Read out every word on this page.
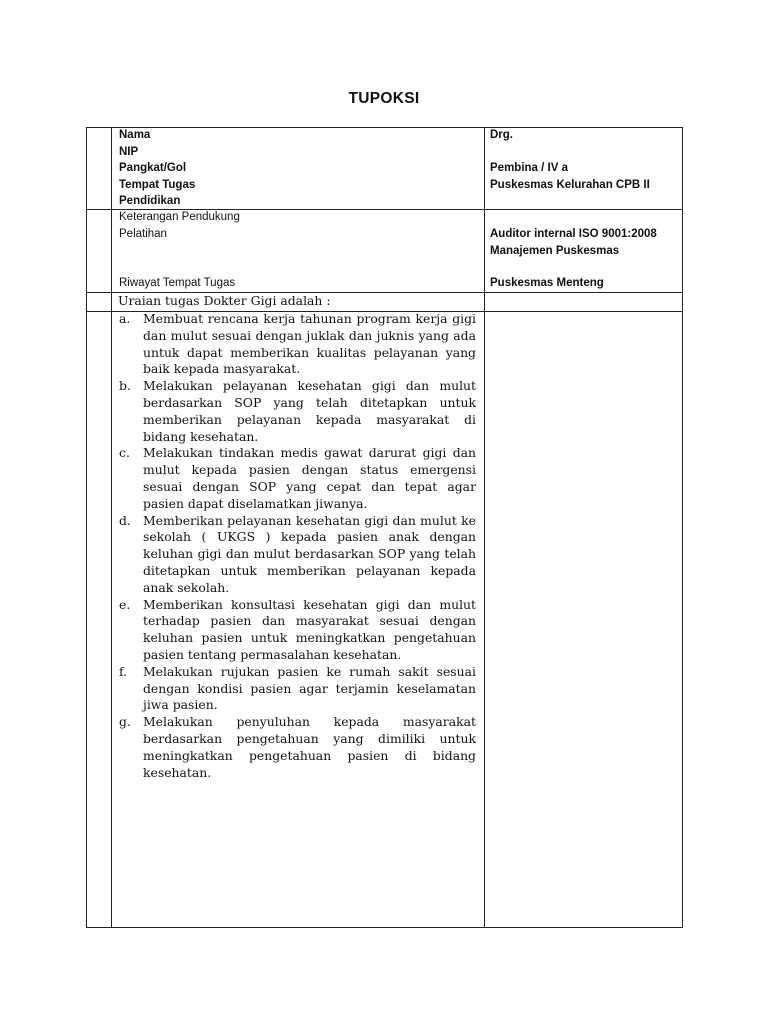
TUPOKSI
Nama
NIP
Pangkat/Gol
Tempat Tugas
Pendidikan
Drg.
Pembina / IV a
Puskesmas Kelurahan CPB II
Keterangan Pendukung
Pelatihan
Riwayat Tempat Tugas
Auditor internal ISO 9001:2008
Manajemen Puskesmas
Puskesmas Menteng
Uraian tugas Dokter Gigi adalah :
a. Membuat rencana kerja tahunan program kerja gigi dan mulut sesuai dengan juklak dan juknis yang ada untuk dapat memberikan kualitas pelayanan yang baik kepada masyarakat.
b. Melakukan pelayanan kesehatan gigi dan mulut berdasarkan SOP yang telah ditetapkan untuk memberikan pelayanan kepada masyarakat di bidang kesehatan.
c. Melakukan tindakan medis gawat darurat gigi dan mulut kepada pasien dengan status emergensi sesuai dengan SOP yang cepat dan tepat agar pasien dapat diselamatkan jiwanya.
d. Memberikan pelayanan kesehatan gigi dan mulut ke sekolah ( UKGS ) kepada pasien anak dengan keluhan gigi dan mulut berdasarkan SOP yang telah ditetapkan untuk memberikan pelayanan kepada anak sekolah.
e. Memberikan konsultasi kesehatan gigi dan mulut terhadap pasien dan masyarakat sesuai dengan keluhan pasien untuk meningkatkan pengetahuan pasien tentang permasalahan kesehatan.
f. Melakukan rujukan pasien ke rumah sakit sesuai dengan kondisi pasien agar terjamin keselamatan jiwa pasien.
g. Melakukan penyuluhan kepada masyarakat berdasarkan pengetahuan yang dimiliki untuk meningkatkan pengetahuan pasien di bidang kesehatan.
